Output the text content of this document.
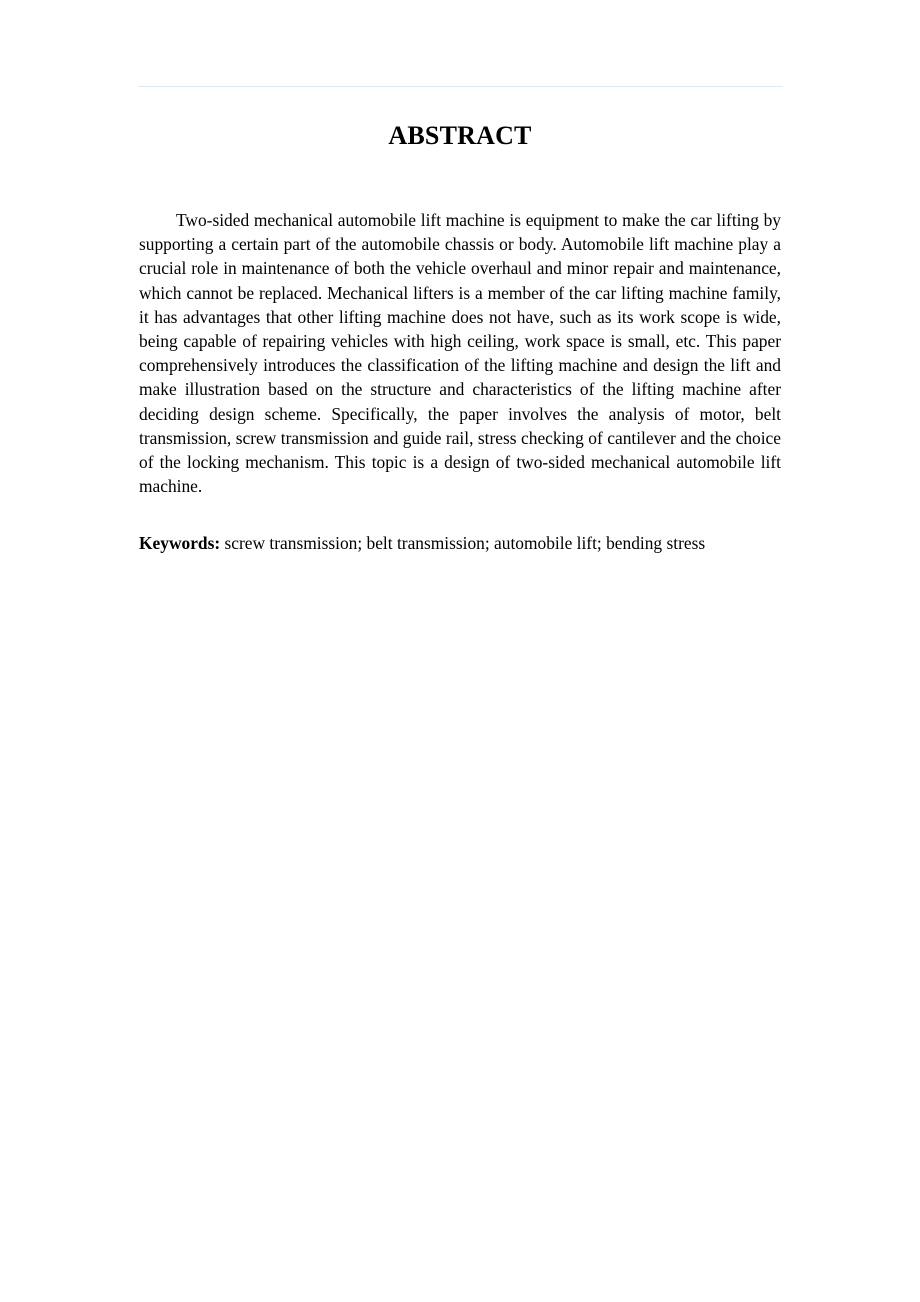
ABSTRACT

Two-sided mechanical automobile lift machine is equipment to make the car lifting by supporting a certain part of the automobile chassis or body. Automobile lift machine play a crucial role in maintenance of both the vehicle overhaul and minor repair and maintenance, which cannot be replaced. Mechanical lifters is a member of the car lifting machine family, it has advantages that other lifting machine does not have, such as its work scope is wide, being capable of repairing vehicles with high ceiling, work space is small, etc. This paper comprehensively introduces the classification of the lifting machine and design the lift and make illustration based on the structure and characteristics of the lifting machine after deciding design scheme. Specifically, the paper involves the analysis of motor, belt transmission, screw transmission and guide rail, stress checking of cantilever and the choice of the locking mechanism. This topic is a design of two-sided mechanical automobile lift machine.

Keywords: screw transmission; belt transmission; automobile lift; bending stress
